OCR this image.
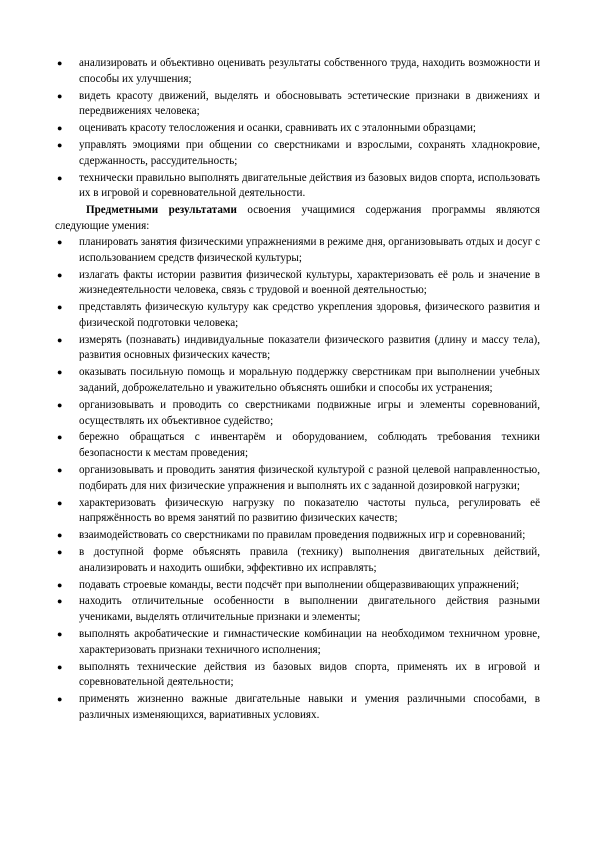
●	анализировать и объективно оценивать результаты собственного труда, находить возможности и способы их улучшения;
●	видеть красоту движений, выделять и обосновывать эстетические признаки в движениях и передвижениях человека;
●	оценивать красоту телосложения и осанки, сравнивать их с эталонными образцами;
●	управлять эмоциями при общении со сверстниками и взрослыми, сохранять хладнокровие, сдержанность, рассудительность;
●	технически правильно выполнять двигательные действия из базовых видов спорта, использовать их в игровой и соревновательной деятельности.

Предметными результатами освоения учащимися содержания программы являются следующие умения:

●	планировать занятия физическими упражнениями в режиме дня, организовывать отдых и досуг с использованием средств физической культуры;
●	излагать факты истории развития физической культуры, характеризовать её роль и значение в жизнедеятельности человека, связь с трудовой и военной деятельностью;
●	представлять физическую культуру как средство укрепления здоровья, физического развития и физической подготовки человека;
●	измерять (познавать) индивидуальные показатели физического развития (длину и массу тела), развития основных физических качеств;
●	оказывать посильную помощь и моральную поддержку сверстникам при выполнении учебных заданий, доброжелательно и уважительно объяснять ошибки и способы их устранения;
●	организовывать и проводить со сверстниками подвижные игры и элементы соревнований, осуществлять их объективное судейство;
●	бережно обращаться с инвентарём и оборудованием, соблюдать требования техники безопасности к местам проведения;
●	организовывать и проводить занятия физической культурой с разной целевой направленностью, подбирать для них физические упражнения и выполнять их с заданной дозировкой нагрузки;
●	характеризовать физическую нагрузку по показателю частоты пульса, регулировать её напряжённость во время занятий по развитию физических качеств;
●	взаимодействовать со сверстниками по правилам проведения подвижных игр и соревнований;
●	в доступной форме объяснять правила (технику) выполнения двигательных действий, анализировать и находить ошибки, эффективно их исправлять;
●	подавать строевые команды, вести подсчёт при выполнении общеразвивающих упражнений;
●	находить отличительные особенности в выполнении двигательного действия разными учениками, выделять отличительные признаки и элементы;
●	выполнять акробатические и гимнастические комбинации на необходимом техничном уровне, характеризовать признаки техничного исполнения;
●	выполнять технические действия из базовых видов спорта, применять их в игровой и соревновательной деятельности;
●	применять жизненно важные двигательные навыки и умения различными способами, в различных изменяющихся, вариативных условиях.
